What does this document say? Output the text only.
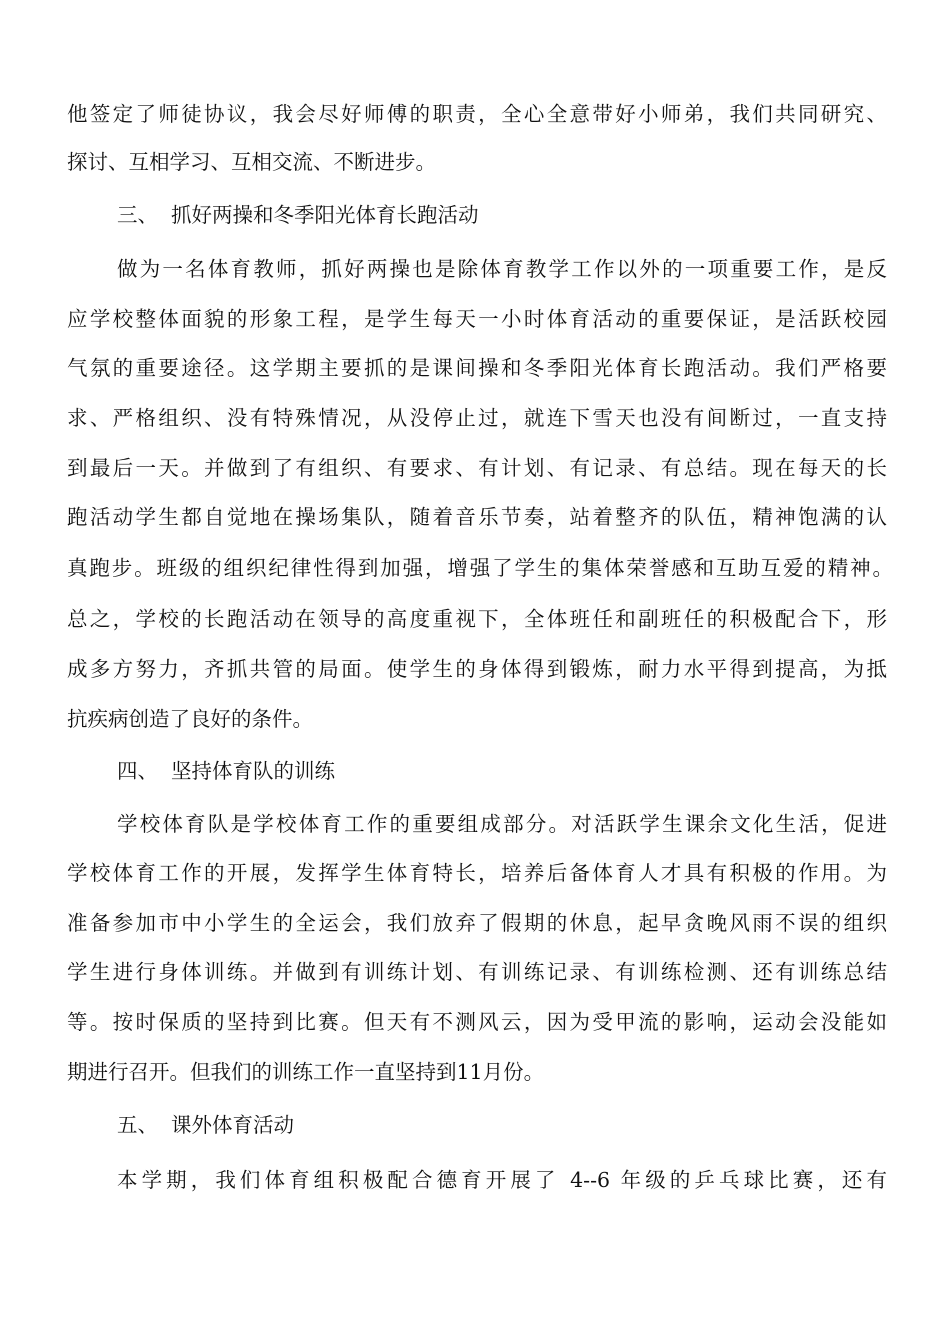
他签定了师徒协议，我会尽好师傅的职责，全心全意带好小师弟，我们共同研究、
探讨、互相学习、互相交流、不断进步。
三、  抓好两操和冬季阳光体育长跑活动
做为一名体育教师，抓好两操也是除体育教学工作以外的一项重要工作，是反
应学校整体面貌的形象工程，是学生每天一小时体育活动的重要保证，是活跃校园
气氛的重要途径。这学期主要抓的是课间操和冬季阳光体育长跑活动。我们严格要
求、严格组织、没有特殊情况，从没停止过，就连下雪天也没有间断过，一直支持
到最后一天。并做到了有组织、有要求、有计划、有记录、有总结。现在每天的长
跑活动学生都自觉地在操场集队，随着音乐节奏，站着整齐的队伍，精神饱满的认
真跑步。班级的组织纪律性得到加强，增强了学生的集体荣誉感和互助互爱的精神。
总之，学校的长跑活动在领导的高度重视下，全体班任和副班任的积极配合下，形
成多方努力，齐抓共管的局面。使学生的身体得到锻炼，耐力水平得到提高，为抵
抗疾病创造了良好的条件。
四、  坚持体育队的训练
学校体育队是学校体育工作的重要组成部分。对活跃学生课余文化生活，促进
学校体育工作的开展，发挥学生体育特长，培养后备体育人才具有积极的作用。为
准备参加市中小学生的全运会，我们放弃了假期的休息，起早贪晚风雨不误的组织
学生进行身体训练。并做到有训练计划、有训练记录、有训练检测、还有训练总结
等。按时保质的坚持到比赛。但天有不测风云，因为受甲流的影响，运动会没能如
期进行召开。但我们的训练工作一直坚持到11月份。
五、  课外体育活动
本学期，我们体育组积极配合德育开展了 4--6 年级的乒乓球比赛，还有
